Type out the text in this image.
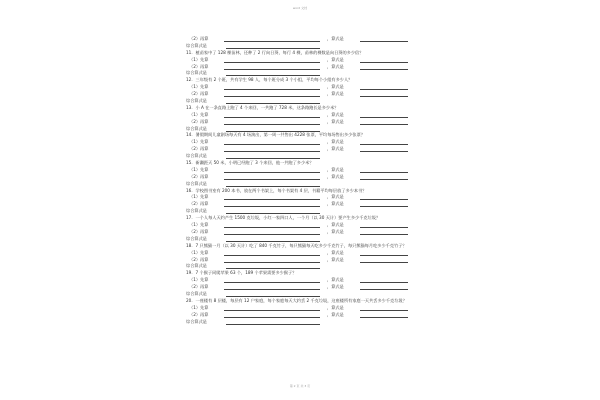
word 文档
（2）再算	，算式是
综合算式是
11．植苗家中了 128 棵苗林，还种了 2 行向日葵，每行 4 棵，苗林的棵数是向日葵的多少倍？
（1）先算	，算式是
（2）再算	，算式是
综合算式是
12．三年级有 2 个班，共有学生 98 人，每个班分成 3 个小组，平均每个小组有多少人？
（1）先算	，算式是
（2）再算	，算式是
综合算式是
13．小 A 在一条直路上跑了 4 个来回，一共跑了 728 米，这条路跑长是多少米？
（1）先算	，算式是
（2）再算	，算式是
综合算式是
14．暑假期间儿童剧场每天有 4 场演出，第一周一共售出 4228 张票，平均每场售出多少张票？
（1）先算	，算式是
（2）再算	，算式是
综合算式是
15．新疆距天 50 米，小明已经跑了 3 个来回，他一共跑了多少米？
（1）先算	，算式是
（2）再算	，算式是
综合算式是
16．学校图书室有 200 本书，放在两个书架上，每个书架有 4 层，书籍平均每层放了多少本书？
（1）先算	，算式是
（2）再算	，算式是
综合算式是
17．一个人每人天约产生 1500 克垃圾，小红一家四口人，一个月（以 30 天计）要产生多少千克垃圾？
（1）先算	，算式是
（2）再算	，算式是
综合算式是
18．7 只熊猫一月（以 30 天计）吃了 840 千克竹子，每只熊猫每天吃多少千克竹子，每只熊猫每月吃多少千克竹子？
（1）先算	，算式是
（2）再算	，算式是
综合算式是
19．7 个猴子同爬苹果 63 个，189 个苹果需要多少猴子？
（1）先算	，算式是
（2）再算	，算式是
综合算式是
20．一座楼有 8 层楼，每层有 12 户家庭，每个家庭每天大约丢 2 千克垃圾，这座楼所有家庭一天共丢多少千克垃圾？
（1）先算	，算式是
（2）再算	，算式是
综合算式是
第 2 页 共 3 页
